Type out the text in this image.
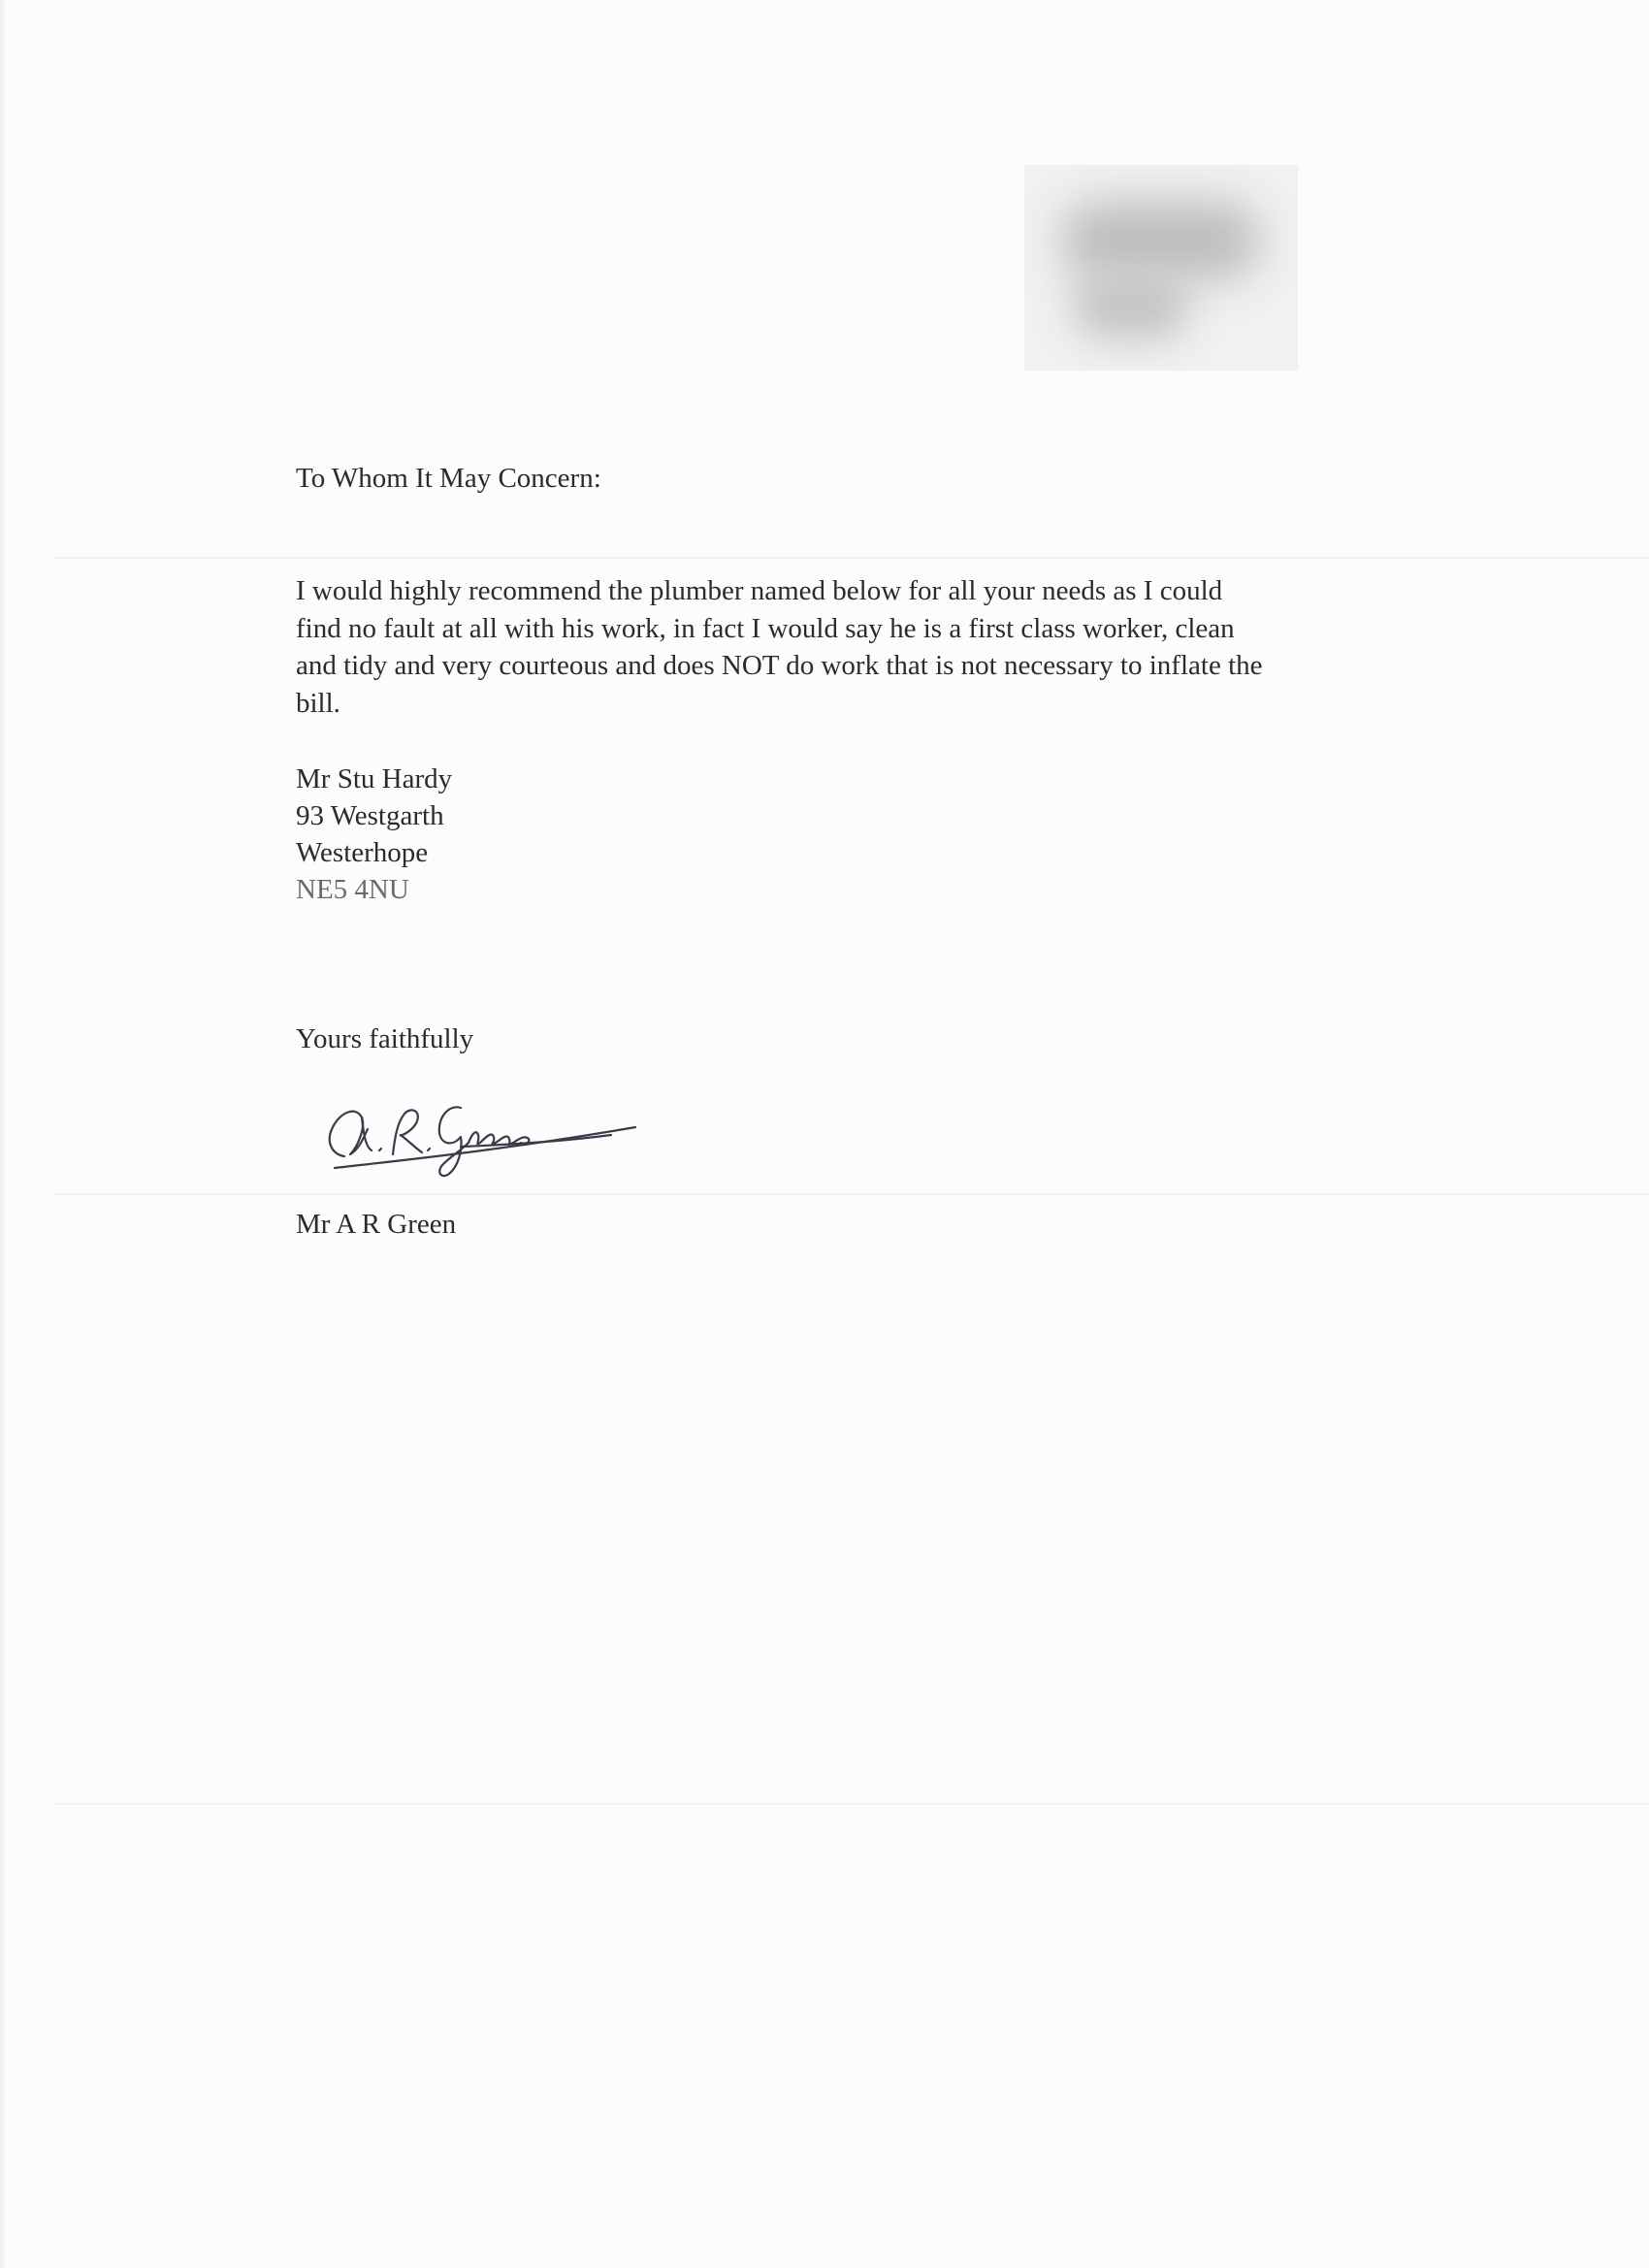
To Whom It May Concern:
I would highly recommend the plumber named below for all your needs as I could
find no fault at all with his work, in fact I would say he is a first class worker, clean
and tidy and very courteous and does NOT do work that is not necessary to inflate the
bill.
Mr Stu Hardy
93 Westgarth
Westerhope
NE5 4NU
Yours faithfully
Mr A R Green
